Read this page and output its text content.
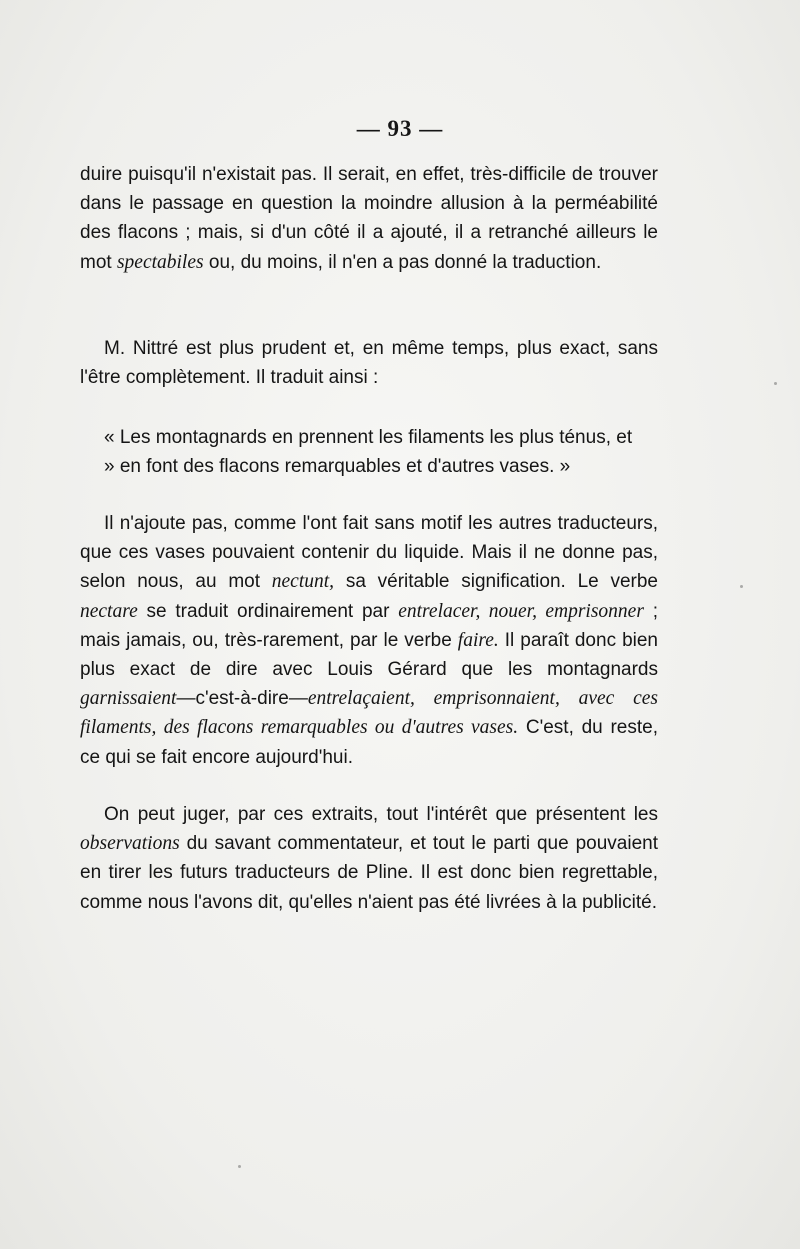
— 93 —

duire puisqu'il n'existait pas. Il serait, en effet, très-difficile de trouver dans le passage en question la moindre allusion à la perméabilité des flacons ; mais, si d'un côté il a ajouté, il a retranché ailleurs le mot spectabiles ou, du moins, il n'en a pas donné la traduction.

M. Nittré est plus prudent et, en même temps, plus exact, sans l'être complètement. Il traduit ainsi :

« Les montagnards en prennent les filaments les plus ténus, et
» en font des flacons remarquables et d'autres vases. »

Il n'ajoute pas, comme l'ont fait sans motif les autres traducteurs, que ces vases pouvaient contenir du liquide. Mais il ne donne pas, selon nous, au mot nectunt, sa véritable signification. Le verbe nectare se traduit ordinairement par entrelacer, nouer, emprisonner ; mais jamais, ou, très-rarement, par le verbe faire. Il paraît donc bien plus exact de dire avec Louis Gérard que les montagnards garnissaient—c'est-à-dire—entrelaçaient, emprisonnaient, avec ces filaments, des flacons remarquables ou d'autres vases. C'est, du reste, ce qui se fait encore aujourd'hui.

On peut juger, par ces extraits, tout l'intérêt que présentent les observations du savant commentateur, et tout le parti que pouvaient en tirer les futurs traducteurs de Pline. Il est donc bien regrettable, comme nous l'avons dit, qu'elles n'aient pas été livrées à la publicité.
